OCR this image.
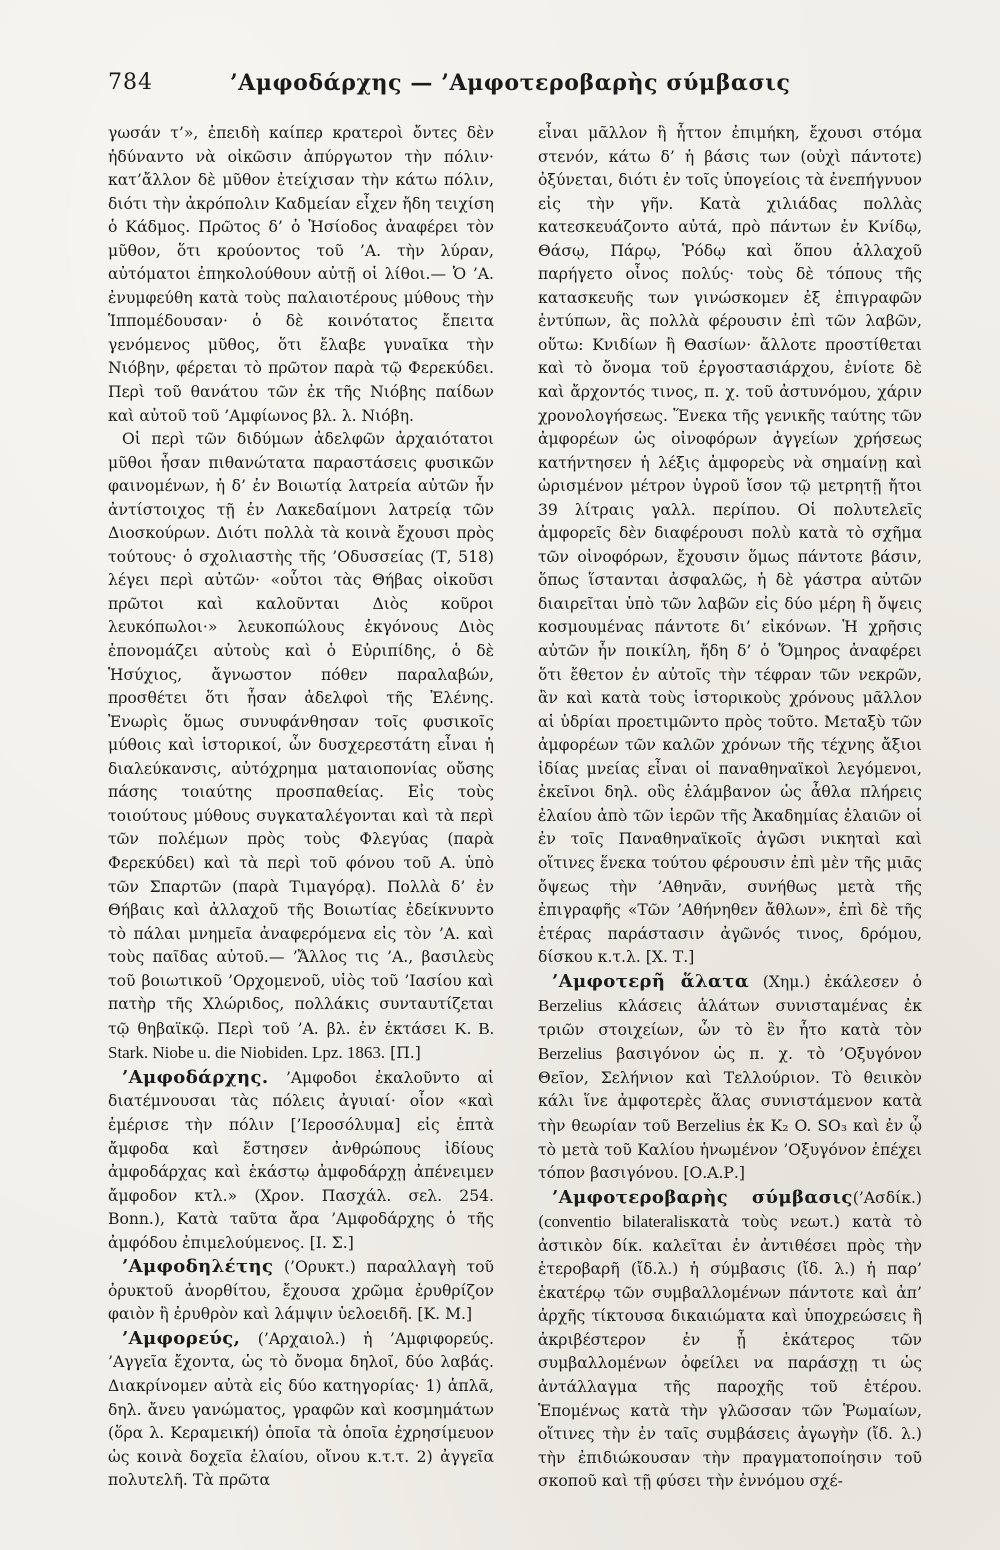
784	’Αμφοδάρχης — ’Αμφοτεροβαρὴς σύμβασις

γωσάν τ’», ἐπειδὴ καίπερ κρατεροὶ ὄντες δὲν ἠδύναντο νὰ οἰκῶσιν ἀπύργωτον τὴν πόλιν· κατ’ἄλλον δὲ μῦθον ἐτείχισαν τὴν κάτω πόλιν, διότι τὴν ἀκρόπολιν Καδμείαν εἶχεν ἤδη τειχίση ὁ Κάδμος. Πρῶτος δ’ ὁ Ἡσίοδος ἀναφέρει τὸν μῦθον, ὅτι κρούοντος τοῦ ’Α. τὴν λύραν, αὐτόματοι ἐπηκολούθουν αὐτῇ οἱ λίθοι.— Ὁ ’Α. ἐνυμφεύθη κατὰ τοὺς παλαιοτέρους μύθους τὴν Ἱππομέδουσαν· ὁ δὲ κοινότατος ἔπειτα γενόμενος μῦθος, ὅτι ἔλαβε γυναῖκα τὴν Νιόβην, φέρεται τὸ πρῶτον παρὰ τῷ Φερεκύδει. Περὶ τοῦ θανάτου τῶν ἐκ τῆς Νιόβης παίδων καὶ αὐτοῦ τοῦ ’Αμφίωνος βλ. λ. Νιόβη.

Οἱ περὶ τῶν διδύμων ἀδελφῶν ἀρχαιότατοι μῦθοι ἦσαν πιθανώτατα παραστάσεις φυσικῶν φαινομένων, ἡ δ’ ἐν Βοιωτίᾳ λατρεία αὐτῶν ἦν ἀντίστοιχος τῇ ἐν Λακεδαίμονι λατρείᾳ τῶν Διοσκούρων. Διότι πολλὰ τὰ κοινὰ ἔχουσι πρὸς τούτους· ὁ σχολιαστὴς τῆς ’Οδυσσείας (Τ, 518) λέγει περὶ αὐτῶν· «οὗτοι τὰς Θήβας οἰκοῦσι πρῶτοι καὶ καλοῦνται Διὸς κοῦροι λευκόπωλοι·» λευκοπώλους ἐκγόνους Διὸς ἐπονομάζει αὐτοὺς καὶ ὁ Εὐριπίδης, ὁ δὲ Ἡσύχιος, ἄγνωστον πόθεν παραλαβών, προσθέτει ὅτι ἦσαν ἀδελφοὶ τῆς Ἑλένης. Ἐνωρὶς ὅμως συνυφάνθησαν τοῖς φυσικοῖς μύθοις καὶ ἱστορικοί, ὧν δυσχερεστάτη εἶναι ἡ διαλεύκανσις, αὐτόχρημα ματαιοπονίας οὔσης πάσης τοιαύτης προσπαθείας. Εἰς τοὺς τοιούτους μύθους συγκαταλέγονται καὶ τὰ περὶ τῶν πολέμων πρὸς τοὺς Φλεγύας (παρὰ Φερεκύδει) καὶ τὰ περὶ τοῦ φόνου τοῦ Α. ὑπὸ τῶν Σπαρτῶν (παρὰ Τιμαγόρᾳ). Πολλὰ δ’ ἐν Θήβαις καὶ ἀλλαχοῦ τῆς Βοιωτίας ἐδείκνυντο τὸ πάλαι μνημεῖα ἀναφερόμενα εἰς τὸν ’Α. καὶ τοὺς παῖδας αὐτοῦ.— ’Ἄλλος τις ’Α., βασιλεὺς τοῦ βοιωτικοῦ ’Ορχομενοῦ, υἱὸς τοῦ ’Ιασίου καὶ πατὴρ τῆς Χλώριδος, πολλάκις συνταυτίζεται τῷ θηβαϊκῷ. Περὶ τοῦ ’Α. βλ. ἐν ἐκτάσει K. B. Stark. Niobe u. die Niobiden. Lpz. 1863. [Π.]

’Αμφοδάρχης. ’Αμφοδοι ἐκαλοῦντο αἱ διατέμνουσαι τὰς πόλεις ἀγυιαί· οἷον «καὶ ἐμέρισε τὴν πόλιν [’Ιεροσόλυμα] εἰς ἑπτὰ ἄμφοδα καὶ ἔστησεν ἀνθρώπους ἰδίους ἀμφοδάρχας καὶ ἑκάστῳ ἀμφοδάρχῃ ἀπένειμεν ἄμφοδον κτλ.» (Χρον. Πασχάλ. σελ. 254. Bonn.), Κατὰ ταῦτα ἄρα ’Αμφοδάρχης ὁ τῆς ἀμφόδου ἐπιμελούμενος. [Ι. Σ.]

’Αμφοδηλέτης (’Ορυκτ.) παραλλαγὴ τοῦ ὀρυκτοῦ ἀνορθίτου, ἔχουσα χρῶμα ἐρυθρίζον φαιὸν ἢ ἐρυθρὸν καὶ λάμψιν ὑελοειδῆ. [Κ. Μ.]

’Αμφορεύς, (’Αρχαιολ.) ἡ ’Αμφιφορεύς. ’Αγγεῖα ἔχοντα, ὡς τὸ ὄνομα δηλοῖ, δύο λαβάς. Διακρίνομεν αὐτὰ εἰς δύο κατηγορίας· 1) ἁπλᾶ, δηλ. ἄνευ γανώματος, γραφῶν καὶ κοσμημάτων (ὅρα λ. Κεραμεική) ὁποῖα τὰ ὁποῖα ἐχρησίμευον ὡς κοινὰ δοχεῖα ἐλαίου, οἴνου κ.τ.τ. 2) ἀγγεῖα πολυτελῆ. Τὰ πρῶτα

εἶναι μᾶλλον ἢ ἧττον ἐπιμήκη, ἔχουσι στόμα στενόν, κάτω δ’ ἡ βάσις των (οὐχὶ πάντοτε) ὀξύνεται, διότι ἐν τοῖς ὑπογείοις τὰ ἐνεπήγνυον εἰς τὴν γῆν. Κατὰ χιλιάδας πολλὰς κατεσκευάζοντο αὐτά, πρὸ πάντων ἐν Κνίδῳ, Θάσῳ, Πάρῳ, Ῥόδῳ καὶ ὅπου ἀλλαχοῦ παρήγετο οἶνος πολύς· τοὺς δὲ τόπους τῆς κατασκευῆς των γινώσκομεν ἐξ ἐπιγραφῶν ἐντύπων, ἃς πολλὰ φέρουσιν ἐπὶ τῶν λαβῶν, οὕτω: Κνιδίων ἢ Θασίων· ἄλλοτε προστίθεται καὶ τὸ ὄνομα τοῦ ἐργοστασιάρχου, ἐνίοτε δὲ καὶ ἄρχοντός τινος, π. χ. τοῦ ἀστυνόμου, χάριν χρονολογήσεως. Ἕνεκα τῆς γενικῆς ταύτης τῶν ἀμφορέων ὡς οἰνοφόρων ἀγγείων χρήσεως κατήντησεν ἡ λέξις ἀμφορεὺς νὰ σημαίνῃ καὶ ὡρισμένον μέτρον ὑγροῦ ἴσον τῷ μετρητῇ ἤτοι 39 λίτραις γαλλ. περίπου. Οἱ πολυτελεῖς ἀμφορεῖς δὲν διαφέρουσι πολὺ κατὰ τὸ σχῆμα τῶν οἰνοφόρων, ἔχουσιν ὅμως πάντοτε βάσιν, ὅπως ἵστανται ἀσφαλῶς, ἡ δὲ γάστρα αὐτῶν διαιρεῖται ὑπὸ τῶν λαβῶν εἰς δύο μέρη ἢ ὄψεις κοσμουμένας πάντοτε δι’ εἰκόνων. Ἡ χρῆσις αὐτῶν ἦν ποικίλη, ἤδη δ’ ὁ Ὅμηρος ἀναφέρει ὅτι ἔθετον ἐν αὐτοῖς τὴν τέφραν τῶν νεκρῶν, ἂν καὶ κατὰ τοὺς ἱστορικοὺς χρόνους μᾶλλον αἱ ὑδρίαι προετιμῶντο πρὸς τοῦτο. Μεταξὺ τῶν ἀμφορέων τῶν καλῶν χρόνων τῆς τέχνης ἄξιοι ἰδίας μνείας εἶναι οἱ παναθηναϊκοὶ λεγόμενοι, ἐκεῖνοι δηλ. οὓς ἐλάμβανον ὡς ἆθλα πλήρεις ἐλαίου ἀπὸ τῶν ἱερῶν τῆς Ἀκαδημίας ἐλαιῶν οἱ ἐν τοῖς Παναθηναϊκοῖς ἀγῶσι νικηταὶ καὶ οἵτινες ἕνεκα τούτου φέρουσιν ἐπὶ μὲν τῆς μιᾶς ὄψεως τὴν ’Αθηνᾶν, συνήθως μετὰ τῆς ἐπιγραφῆς «Τῶν ’Αθήνηθεν ἄθλων», ἐπὶ δὲ τῆς ἑτέρας παράστασιν ἀγῶνός τινος, δρόμου, δίσκου κ.τ.λ. [Χ. Τ.]

’Αμφοτερῆ ἅλατα (Χημ.) ἐκάλεσεν ὁ Berzelius κλάσεις ἁλάτων συνισταμένας ἐκ τριῶν στοιχείων, ὧν τὸ ἓν ἦτο κατὰ τὸν Berzelius βασιγόνον ὡς π. χ. τὸ ’Οξυγόνον Θεῖον, Σελήνιον καὶ Τελλούριον. Τὸ θειικὸν κάλι ἵνε ἀμφοτερὲς ἅλας συνιστάμενον κατὰ τὴν θεωρίαν τοῦ Berzelius ἐκ K₂ O. SO₃ καὶ ἐν ᾧ τὸ μετὰ τοῦ Καλίου ἡνωμένον ’Οξυγόνον ἐπέχει τόπον βασιγόνου. [Ο.Α.Ρ.]

’Αμφοτεροβαρὴς σύμβασις(’Ασδίκ.)(conventio bilateralisκατὰ τοὺς νεωτ.) κατὰ τὸ ἀστικὸν δίκ. καλεῖται ἐν ἀντιθέσει πρὸς τὴν ἑτεροβαρῆ (ἴδ.λ.) ἡ σύμβασις (ἴδ. λ.) ἡ παρ’ ἑκατέρῳ τῶν συμβαλλομένων πάντοτε καὶ ἀπ’ ἀρχῆς τίκτουσα δικαιώματα καὶ ὑποχρεώσεις ἢ ἀκριβέστερον ἐν ᾗ ἑκάτερος τῶν συμβαλλομένων ὀφείλει να παράσχῃ τι ὡς ἀντάλλαγμα τῆς παροχῆς τοῦ ἑτέρου. Ἑπομένως κατὰ τὴν γλῶσσαν τῶν Ῥωμαίων, οἵτινες τὴν ἐν ταῖς συμβάσεις ἀγωγὴν (ἴδ. λ.) τὴν ἐπιδιώκουσαν τὴν πραγματοποίησιν τοῦ σκοποῦ καὶ τῇ φύσει τὴν ἐννόμου σχέ-
